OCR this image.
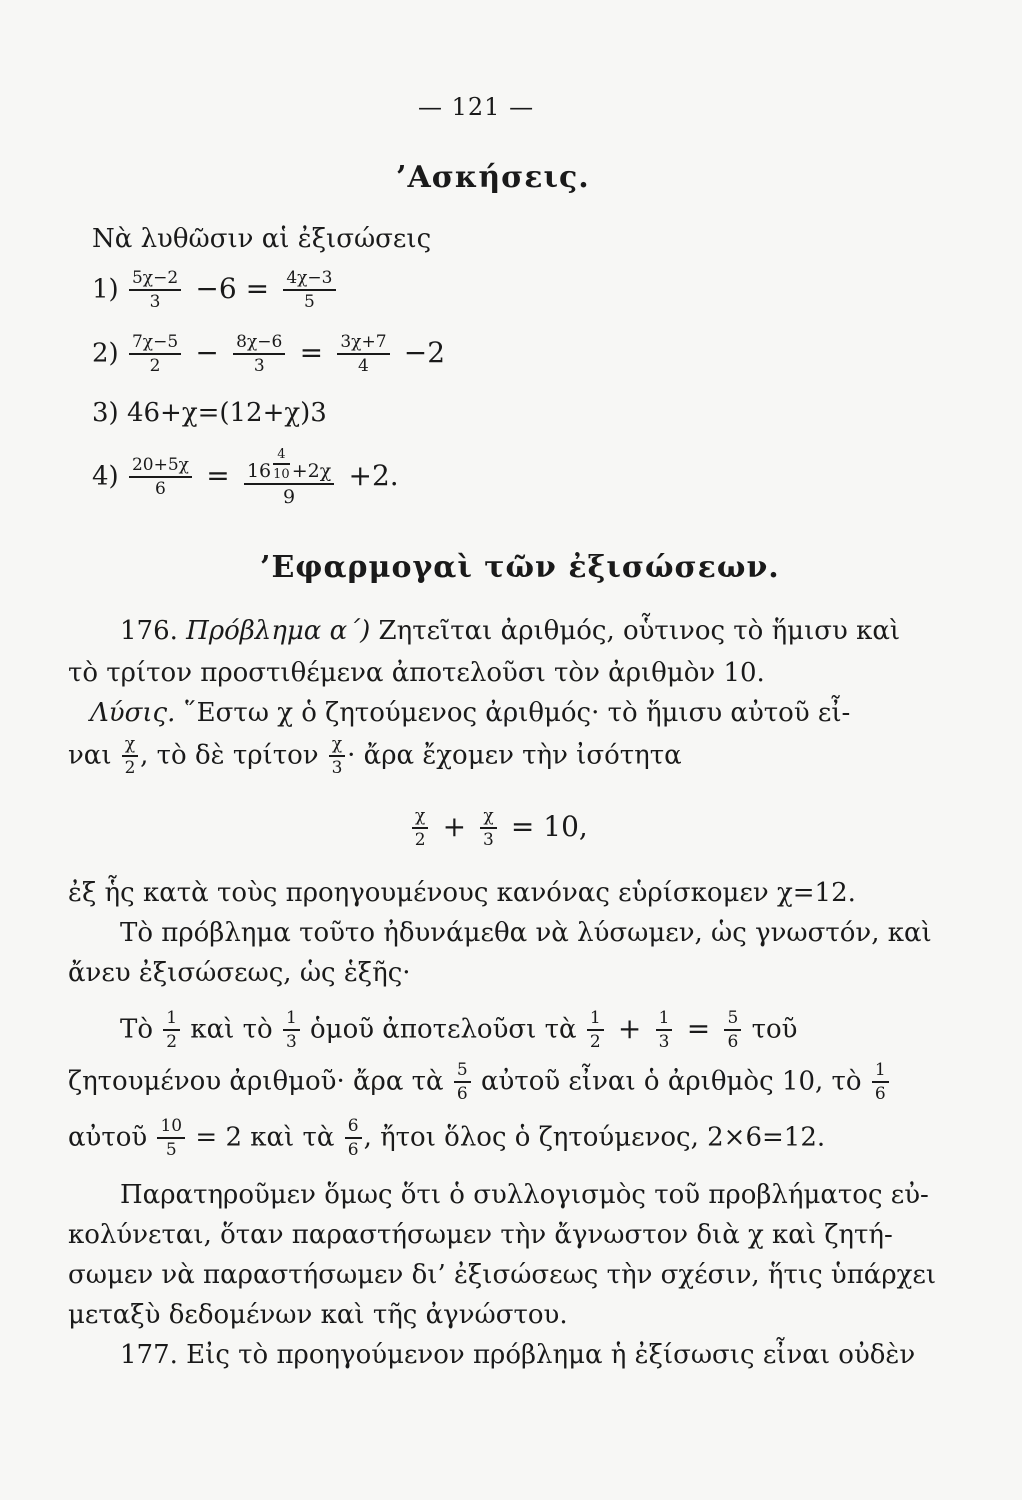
— 121 —
’Ασκήσεις.
Νὰ λυθῶσιν αἱ ἐξισώσεις
$1) \frac{5\chi-2}{3} -6 = \frac{4\chi-3}{5}$
$2) \frac{7\chi-5}{2} - \frac{8\chi-6}{3} = \frac{3\chi+7}{4} -2$
3) 46+χ=(12+χ)3
$4) \frac{20+5\chi}{6} = \frac{16 \frac{4}{10} +2\chi}{9} +2$.
’Εφαρμογαὶ τῶν ἐξισώσεων.
176. Πρόβλημα α΄) Ζητεῖται ἀριθμός, οὗτινος τὸ ἥμισυ καὶ
τὸ τρίτον προστιθέμενα ἀποτελοῦσι τὸν ἀριθμὸν 10.
Λύσις. ῞Εστω χ ὁ ζητούμενος ἀριθμός· τὸ ἥμισυ αὐτοῦ εἶ-
ναι $\frac{\chi}{2}$ , τὸ δὲ τρίτον $\frac{\chi}{3}$ · ἄρα ἔχομεν τὴν ἰσότητα
$\frac{\chi}{2} + \frac{\chi}{3} = 10$,
ἐξ ἧς κατὰ τοὺς προηγουμένους κανόνας εὑρίσκομεν χ=12.
Τὸ πρόβλημα τοῦτο ἠδυνάμεθα νὰ λύσωμεν, ὡς γνωστόν, καὶ
ἄνευ ἐξισώσεως, ὡς ἑξῆς·
Τὸ $\frac{1}{2}$ καὶ τὸ $\frac{1}{3}$ ὁμοῦ ἀποτελοῦσι τὰ $\frac{1}{2} + \frac{1}{3} = \frac{5}{6}$ τοῦ
ζητουμένου ἀριθμοῦ· ἄρα τὰ $\frac{5}{6}$ αὐτοῦ εἶναι ὁ ἀριθμὸς 10, τὸ $\frac{1}{6}$
αὐτοῦ $\frac{10}{5} = 2$ καὶ τὰ $\frac{6}{6}$ , ἤτοι ὅλος ὁ ζητούμενος, 2×6=12.
Παρατηροῦμεν ὅμως ὅτι ὁ συλλογισμὸς τοῦ προβλήματος εὐ-
κολύνεται, ὅταν παραστήσωμεν τὴν ἄγνωστον διὰ χ καὶ ζητή-
σωμεν νὰ παραστήσωμεν δι’ ἐξισώσεως τὴν σχέσιν, ἥτις ὑπάρχει
μεταξὺ δεδομένων καὶ τῆς ἀγνώστου.
177. Εἰς τὸ προηγούμενον πρόβλημα ἡ ἐξίσωσις εἶναι οὐδὲν
